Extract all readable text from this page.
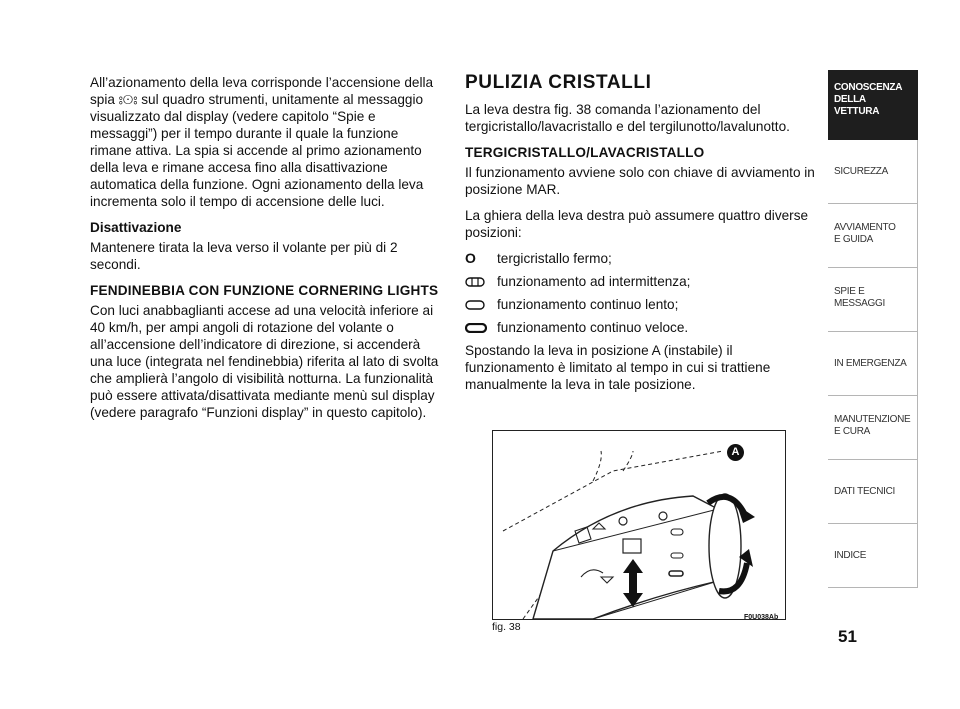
All’azionamento della leva corrisponde l’accensione della spia ⦂⊙⦂ sul quadro strumenti, unitamente al messaggio visualizzato dal display (vedere capitolo “Spie e messaggi”) per il tempo durante il quale la funzione rimane attiva. La spia si accende al primo azionamento della leva e rimane accesa fino alla disattivazione automatica della funzione. Ogni azionamento della leva incrementa solo il tempo di accensione delle luci.

Disattivazione

Mantenere tirata la leva verso il volante per più di 2 secondi.

FENDINEBBIA CON FUNZIONE CORNERING LIGHTS

Con luci anabbaglianti accese ad una velocità inferiore ai 40 km/h, per ampi angoli di rotazione del volante o all’accensione dell’indicatore di direzione, si accenderà una luce (integrata nel fendinebbia) riferita al lato di svolta che amplierà l’angolo di visibilità notturna. La funzionalità può essere attivata/disattivata mediante menù sul display (vedere paragrafo “Funzioni display” in questo capitolo).

PULIZIA CRISTALLI

La leva destra fig. 38 comanda l’azionamento del tergicristallo/lavacristallo e del tergilunotto/lavalunotto.

TERGICRISTALLO/LAVACRISTALLO

Il funzionamento avviene solo con chiave di avviamento in posizione MAR.

La ghiera della leva destra può assumere quattro diverse posizioni:

O	tergicristallo fermo;
funzionamento ad intermittenza;
funzionamento continuo lento;
funzionamento continuo veloce.

Spostando la leva in posizione A (instabile) il funzionamento è limitato al tempo in cui si trattiene manualmente la leva in tale posizione.

A
fig. 38
F0U038Ab
CONOSCENZA
DELLA
VETTURA
SICUREZZA
AVVIAMENTO
E GUIDA
SPIE E
MESSAGGI
IN EMERGENZA
MANUTENZIONE
E CURA
DATI TECNICI
INDICE
51
